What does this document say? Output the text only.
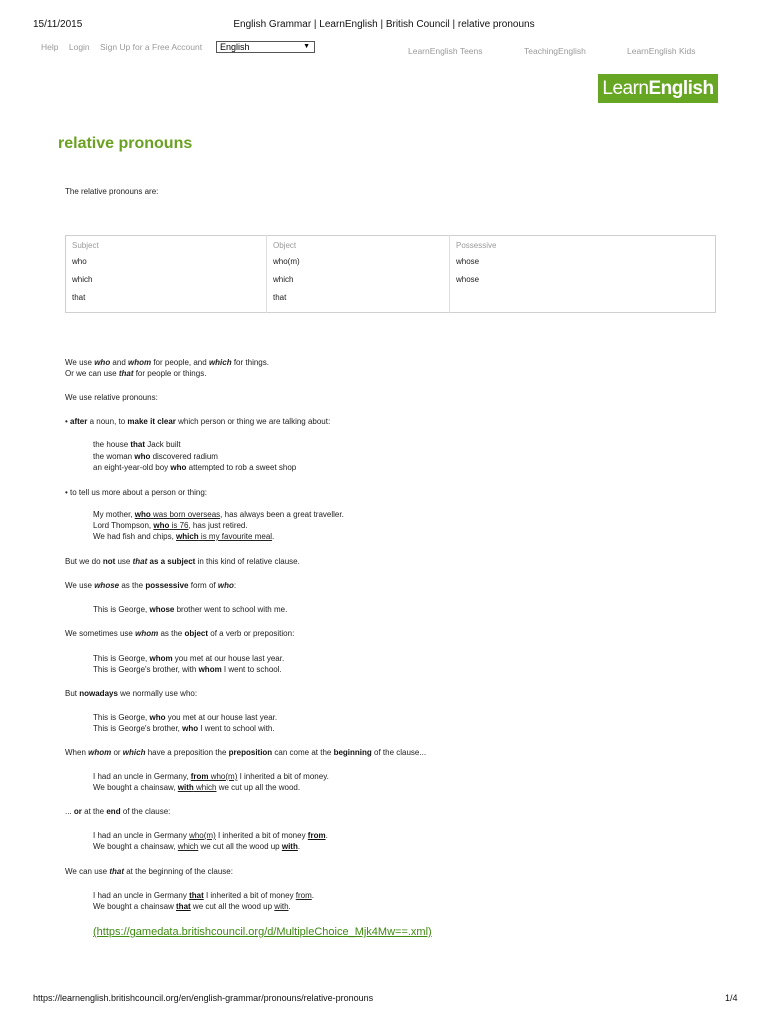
15/11/2015	English Grammar | LearnEnglish | British Council | relative pronouns
Help Login Sign Up for a Free Account	English	▼	LearnEnglish Teens	TeachingEnglish	LearnEnglish Kids
LearnEnglish
relative pronouns
The relative pronouns are:
Subject	Object	Possessive
who	who(m)	whose
which	which	whose
that	that	
We use who and whom for people, and which for things.
Or we can use that for people or things.
We use relative pronouns:
• after a noun, to make it clear which person or thing we are talking about:
the house that Jack built
the woman who discovered radium
an eight-year-old boy who attempted to rob a sweet shop
• to tell us more about a person or thing:
My mother, who was born overseas, has always been a great traveller.
Lord Thompson, who is 76, has just retired.
We had fish and chips, which is my favourite meal.
But we do not use that as a subject in this kind of relative clause.
We use whose as the possessive form of who:
This is George, whose brother went to school with me.
We sometimes use whom as the object of a verb or preposition:
This is George, whom you met at our house last year.
This is George's brother, with whom I went to school.
But nowadays we normally use who:
This is George, who you met at our house last year.
This is George's brother, who I went to school with.
When whom or which have a preposition the preposition can come at the beginning of the clause...
I had an uncle in Germany, from who(m) I inherited a bit of money.
We bought a chainsaw, with which we cut up all the wood.
... or at the end of the clause:
I had an uncle in Germany who(m) I inherited a bit of money from.
We bought a chainsaw, which we cut all the wood up with.
We can use that at the beginning of the clause:
I had an uncle in Germany that I inherited a bit of money from.
We bought a chainsaw that we cut all the wood up with.
(https://gamedata.britishcouncil.org/d/MultipleChoice_Mjk4Mw==.xml)
https://learnenglish.britishcouncil.org/en/english-grammar/pronouns/relative-pronouns	1/4
